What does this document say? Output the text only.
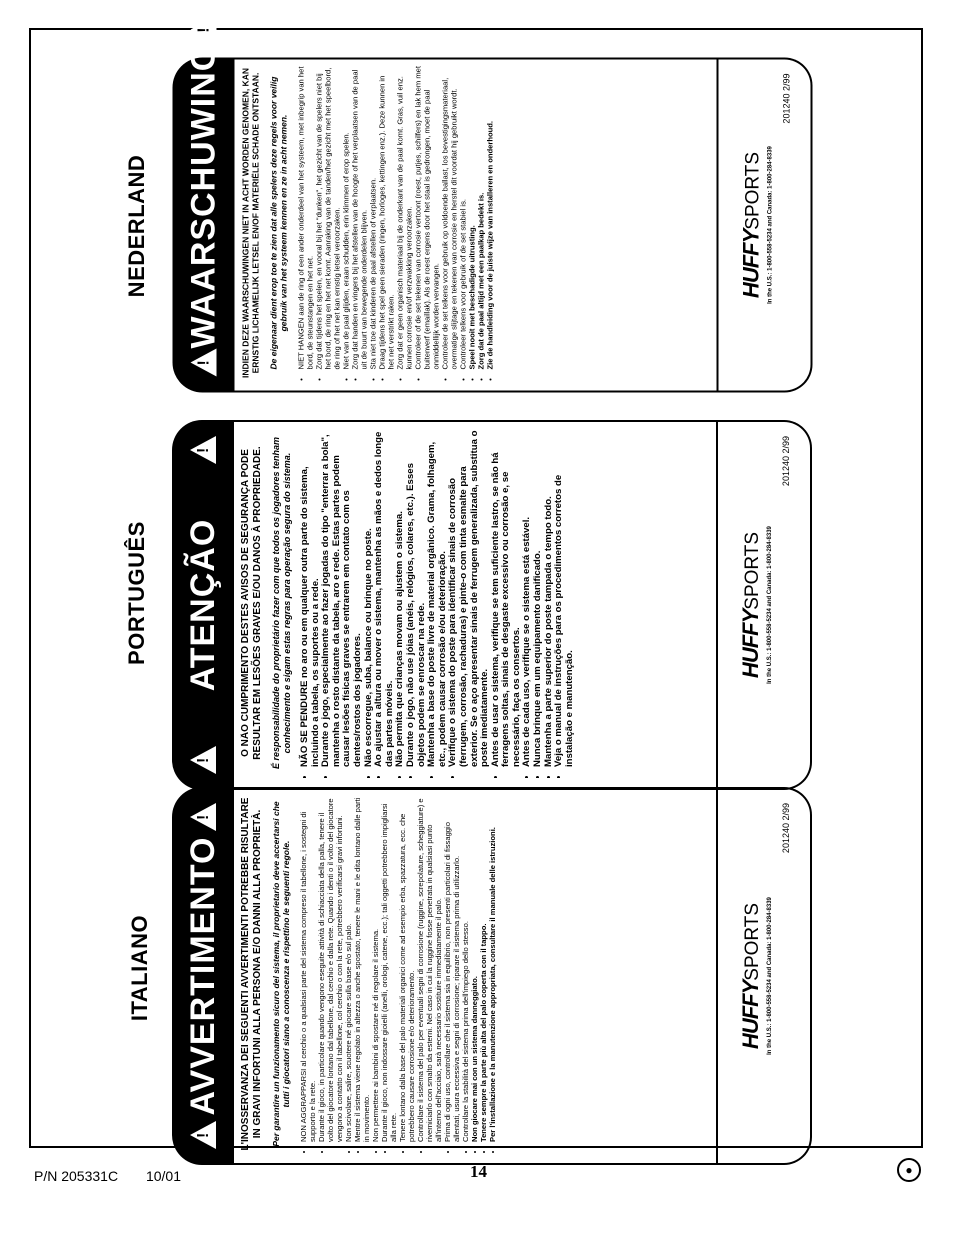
ITALIANO
PORTUGUÊS
NEDERLAND
!
AVVERTIMENTO
!	L'INOSSERVANZA DEI SEGUENTI AVVERTIMENTI POTREBBE RISULTARE IN GRAVI INFORTUNI ALLA PERSONA E/O DANNI ALLA PROPRIETÀ. Per garantire un funzionamento sicuro del sistema, il proprietario deve accertarsi che tutti i giocatori siano a conoscenza e rispettino le seguenti regole. • NON AGGRAPPARSI al cerchio o a qualsiasi parte del sistema compreso il tabellone, i sostegni di supporto e la rete. • Durante il gioco, in particolare quando vengono eseguite attività di schiacciata della palla, tenere il volto del giocatore lontano dal tabellone, dal cerchio e dalla rete. Quando i denti o il volto del giocatore vengono a contatto con il tabellone, col cerchio o con la rete, potrebbero verificarsi gravi infortuni. • Non scivolare, salire, scuotere né giocare sulla base e/o sul palo. • Mentre il sistema viene regolato in altezza o anche spostato, tenere le mani e le dita lontano dalle parti in movimento. • Non permettere ai bambini di spostare né di regolare il sistema. • Durante il gioco, non indossare gioielli (anelli, orologi, catene, ecc.); tali oggetti potrebbero impigliarsi alla rete. • Tenere lontano dalla base del palo materiali organici come ad esempio erba, spazzatura, ecc. che potrebbero causare corrosione e/o deterioramento. • Controllare il sistema del palo per eventuali segni di corrosione (ruggine, screpolature, scheggiature) e riverniciarlo con smalto da esterni. Nel caso in cui la ruggine fosse penetrata in qualsiasi punto all'interno dell'acciaio, sarà necessario sostituire immediatamente il palo. • Prima di ogni uso, controllare che il sistema sia in equilibrio, non presenti particolari di fissaggio allentati, usura eccessiva e segni di corrosione; riparare il sistema prima di utilizzarlo. • Controllare la stabilità del sistema prima dell'impiego dello stesso. • Non giocare mai con un sistema danneggiato. • Tenere sempre la parte più alta del palo coperta con il tappo. • Per l'installazione e la manutenzione appropriata, consultare il manuale delle istruzioni.	HUFFYSPORTS In the U.S.: 1-800-558-5234 and Canada: 1-800-284-8339
201240 2/99
!
ATENÇÃO
!	O NÃO CUMPRIMENTO DESTES AVISOS DE SEGURANÇA PODE RESULTAR EM LESÕES GRAVES E/OU DANOS À PROPRIEDADE. É responsabilidade do proprietário fazer com que todos os jogadores tenham conhecimento e sigam estas regras para operação segura do sistema. • NÃO SE PENDURE no aro ou em qualquer outra parte do sistema, incluindo a tabela, os suportes ou a rede. • Durante o jogo, especialmente ao fazer jogadas do tipo "enterrar a bola", mantenha o rosto distante da tabela, aro e rede. Estas partes podem causar lesões físicas graves se entrarem em contato com os dentes/rostos dos jogadores. • Não escorregue, suba, balance ou brinque no poste. • Ao ajustar a altura ou mover o sistema, mantenha as mãos e dedos longe das partes móveis. • Não permita que crianças movam ou ajustem o sistema. • Durante o jogo, não use jóias (anéis, relógios, colares, etc.). Esses objetos podem se enroscar na rede. • Mantenha a base do poste livre de material orgânico. Grama, folhagem, etc., podem causar corrosão e/ou deterioração. • Verifique o sistema do poste para identificar sinais de corrosão (ferrugem, corrosão, rachaduras) e pinte-o com tinta esmalte para exterior. Se o aço apresentar sinais de ferrugem generalizada, substitua o poste imediatamente. • Antes de usar o sistema, verifique se tem suficiente lastro, se não há ferragens soltas, sinais de desgaste excessivo ou corrosão e, se necessário, faça os consertos. • Antes de cada uso, verifique se o sistema está estável. • Nunca brinque em um equipamento danificado. • Mantenha a parte superior do poste tampada o tempo todo. • Veja o manual de instruções para os procedimentos corretos de instalação e manutenção.
HUFFYSPORTS In the U.S.: 1-800-558-5234 and Canada: 1-800-284-8339
201240 2/99
!
WAARSCHUWING
!
INDIEN DEZE WAARSCHUWINGEN NIET IN ACHT WORDEN GENOMEN, KAN ERNSTIG LICHAMELIJK LETSEL EN/OF MATERIËLE SCHADE ONTSTAAN. De eigenaar dient erop toe te zien dat alle spelers deze regels voor veilig gebruik van het systeem kennen en ze in acht nemen. • NIET HANGEN aan de ring of een ander onderdeel van het systeem, met inbegrip van het bord, de steunstangen en het net. • Zorg dat tijdens het spelen, en vooral bij het "dunken", het gezicht van de spelers niet bij het bord, de ring en het net komt. Aanraking van de tanden/het gezicht met het speelbord, de ring of het net kan ernstig letsel veroorzaken. • Niet van de paal glijden, eraan schudden, erin klimmen of erop spelen. • Zorg dat handen en vingers bij het afstellen van de hoogte of het verplaatsen van de paal uit de buurt van bewegende onderdelen blijven. • Sta niet toe dat kinderen de paal afstellen of verplaatsen. • Draag tijdens het spel geen sieraden (ringen, horloges, kettingen enz.). Deze kunnen in het net verstrikt raken. • Zorg dat er geen organisch materiaal bij de onderkant van de paal komt. Gras, vuil enz. kunnen corrosie en/of verzwakking veroorzaken. • Controleer of de set tekenen van corrosie vertoont (roest, putjes, schilfers) en lak hem met buitenverf (emaillak). Als de roest ergens door het staal is gedrongen, moet de paal onmiddellijk worden vervangen. • Controleer de set telkens voor gebruik op voldoende ballast, los bevestigingsmateriaal, overmatige slijtage en tekenen van corrosie en herstel dit voordat hij gebruikt wordt. • Controleer telkens voor gebruik of de set stabiel is. • Speel nooit met beschadigde uitrusting. • Zorg dat de paal altijd met een paalkap bedekt is. • Zie de handleiding voor de juiste wijze van installeren en onderhoud.	HUFFYSPORTS In the U.S.: 1-800-558-5234 and Canada: 1-800-284-8339
201240 2/99
P/N 205331C 10/01	14	●
